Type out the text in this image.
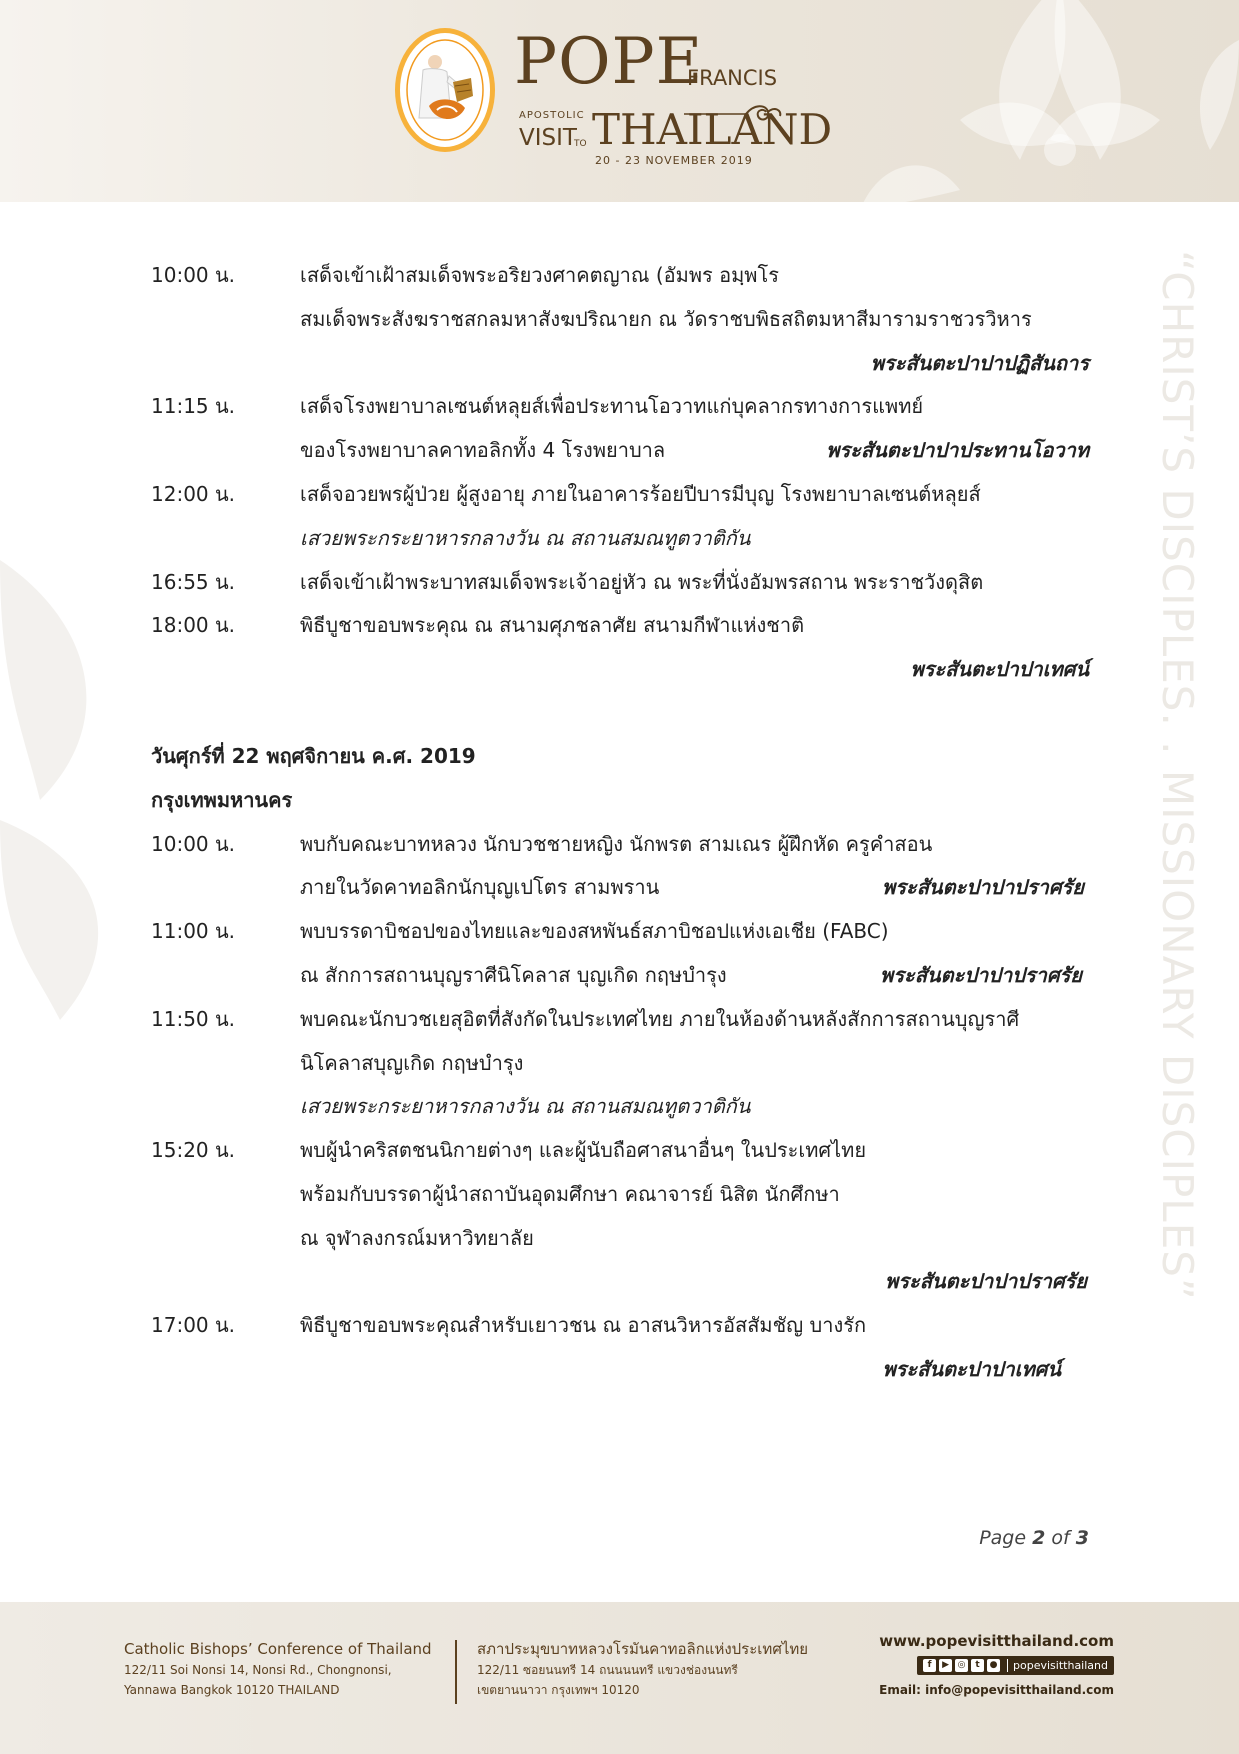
POPE
FRANCIS
APOSTOLIC
VISIT
TO THAILAND
20 - 23 NOVEMBER 2019
“CHRIST’S DISCIPLES. . MISSIONARY DISCIPLES”
10:00 น.	เสด็จเข้าเฝ้าสมเด็จพระอริยวงศาคตญาณ (อัมพร อมฺพโร
สมเด็จพระสังฆราชสกลมหาสังฆปริณายก ณ วัดราชบพิธสถิตมหาสีมารามราชวรวิหาร
พระสันตะปาปาปฏิสันถาร
11:15 น.	เสด็จโรงพยาบาลเซนต์หลุยส์เพื่อประทานโอวาทแก่บุคลากรทางการแพทย์
ของโรงพยาบาลคาทอลิกทั้ง 4 โรงพยาบาล	พระสันตะปาปาประทานโอวาท
12:00 น.	เสด็จอวยพรผู้ป่วย ผู้สูงอายุ ภายในอาคารร้อยปีบารมีบุญ โรงพยาบาลเซนต์หลุยส์
เสวยพระกระยาหารกลางวัน ณ สถานสมณทูตวาติกัน
16:55 น.	เสด็จเข้าเฝ้าพระบาทสมเด็จพระเจ้าอยู่หัว ณ พระที่นั่งอัมพรสถาน พระราชวังดุสิต
18:00 น.	พิธีบูชาขอบพระคุณ ณ สนามศุภชลาศัย สนามกีฬาแห่งชาติ
พระสันตะปาปาเทศน์
วันศุกร์ที่ 22 พฤศจิกายน ค.ศ. 2019
กรุงเทพมหานคร
10:00 น.	พบกับคณะบาทหลวง นักบวชชายหญิง นักพรต สามเณร ผู้ฝึกหัด ครูคำสอน
ภายในวัดคาทอลิกนักบุญเปโตร สามพราน	พระสันตะปาปาปราศรัย
11:00 น.	พบบรรดาบิชอปของไทยและของสหพันธ์สภาบิชอปแห่งเอเชีย (FABC)
ณ สักการสถานบุญราศีนิโคลาส บุญเกิด กฤษบำรุง	พระสันตะปาปาปราศรัย
11:50 น.	พบคณะนักบวชเยสุอิตที่สังกัดในประเทศไทย ภายในห้องด้านหลังสักการสถานบุญราศี
นิโคลาสบุญเกิด กฤษบำรุง
เสวยพระกระยาหารกลางวัน ณ สถานสมณทูตวาติกัน
15:20 น.	พบผู้นำคริสตชนนิกายต่างๆ และผู้นับถือศาสนาอื่นๆ ในประเทศไทย
พร้อมกับบรรดาผู้นำสถาบันอุดมศึกษา คณาจารย์ นิสิต นักศึกษา
ณ จุฬาลงกรณ์มหาวิทยาลัย
พระสันตะปาปาปราศรัย
17:00 น.	พิธีบูชาขอบพระคุณสำหรับเยาวชน ณ อาสนวิหารอัสสัมชัญ บางรัก
พระสันตะปาปาเทศน์
Page 2 of 3
Catholic Bishops’ Conference of Thailand
122/11 Soi Nonsi 14, Nonsi Rd., Chongnonsi,
Yannawa Bangkok 10120 THAILAND
สภาประมุขบาทหลวงโรมันคาทอลิกแห่งประเทศไทย
122/11 ซอยนนทรี 14 ถนนนนทรี แขวงช่องนนทรี
เขตยานนาวา กรุงเทพฯ 10120
www.popevisitthailand.com
f	▶ ◎	t	●	popevisitthailand
Email: info@popevisitthailand.com
